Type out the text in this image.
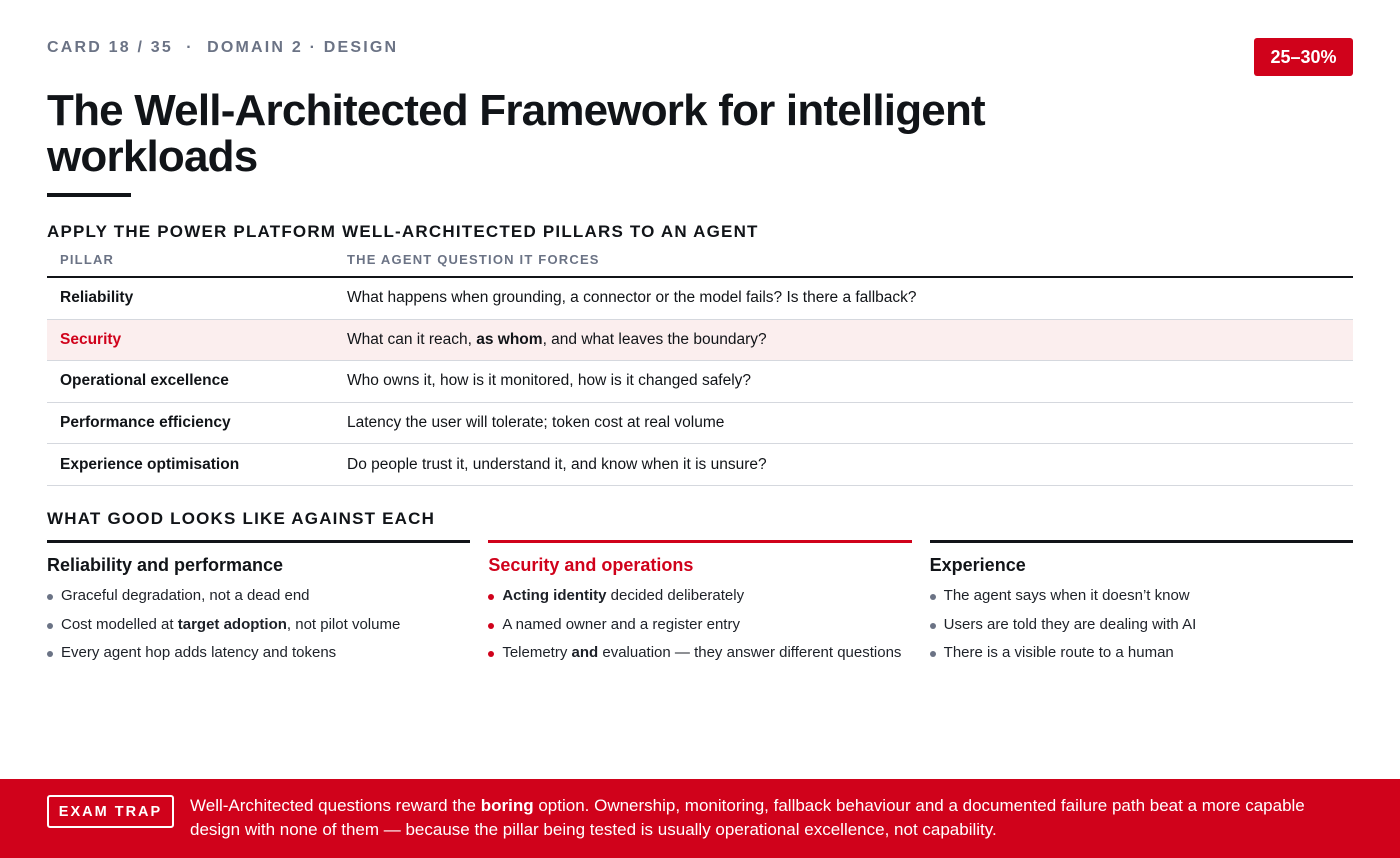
CARD 18 / 35  ·  DOMAIN 2 · DESIGN	25–30%
The Well-Architected Framework for intelligent workloads
APPLY THE POWER PLATFORM WELL-ARCHITECTED PILLARS TO AN AGENT
PILLAR	THE AGENT QUESTION IT FORCES
Reliability	What happens when grounding, a connector or the model fails? Is there a fallback?
Security	What can it reach, as whom, and what leaves the boundary?
Operational excellence	Who owns it, how is it monitored, how is it changed safely?
Performance efficiency	Latency the user will tolerate; token cost at real volume
Experience optimisation	Do people trust it, understand it, and know when it is unsure?
WHAT GOOD LOOKS LIKE AGAINST EACH
Reliability and performance
Graceful degradation, not a dead end
Cost modelled at target adoption, not pilot volume
Every agent hop adds latency and tokens
Security and operations
Acting identity decided deliberately
A named owner and a register entry
Telemetry and evaluation — they answer different questions
Experience
The agent says when it doesn’t know
Users are told they are dealing with AI
There is a visible route to a human
EXAM TRAP	Well-Architected questions reward the boring option. Ownership, monitoring, fallback behaviour and a documented failure path beat a more capable design with none of them — because the pillar being tested is usually operational excellence, not capability.
